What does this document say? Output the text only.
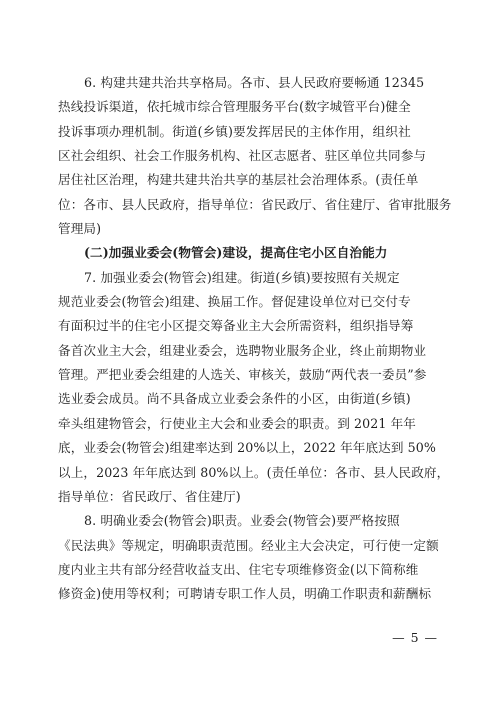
6. 构建共建共治共享格局。各市、县人民政府要畅通 12345
热线投诉渠道，依托城市综合管理服务平台(数字城管平台)健全
投诉事项办理机制。街道(乡镇)要发挥居民的主体作用，组织社
区社会组织、社会工作服务机构、社区志愿者、驻区单位共同参与
居住社区治理，构建共建共治共享的基层社会治理体系。(责任单
位：各市、县人民政府，指导单位：省民政厅、省住建厅、省审批服务
管理局)
(二)加强业委会(物管会)建设，提高住宅小区自治能力
7. 加强业委会(物管会)组建。街道(乡镇)要按照有关规定
规范业委会(物管会)组建、换届工作。督促建设单位对已交付专
有面积过半的住宅小区提交筹备业主大会所需资料，组织指导筹
备首次业主大会，组建业委会，选聘物业服务企业，终止前期物业
管理。严把业委会组建的人选关、审核关，鼓励“两代表一委员”参
选业委会成员。尚不具备成立业委会条件的小区，由街道(乡镇)
牵头组建物管会，行使业主大会和业委会的职责。到 2021 年年
底，业委会(物管会)组建率达到 20%以上，2022 年年底达到 50%
以上，2023 年年底达到 80%以上。(责任单位：各市、县人民政府，
指导单位：省民政厅、省住建厅)
8. 明确业委会(物管会)职责。业委会(物管会)要严格按照
《民法典》等规定，明确职责范围。经业主大会决定，可行使一定额
度内业主共有部分经营收益支出、住宅专项维修资金(以下简称维
修资金)使用等权利；可聘请专职工作人员，明确工作职责和薪酬标
— 5 —
